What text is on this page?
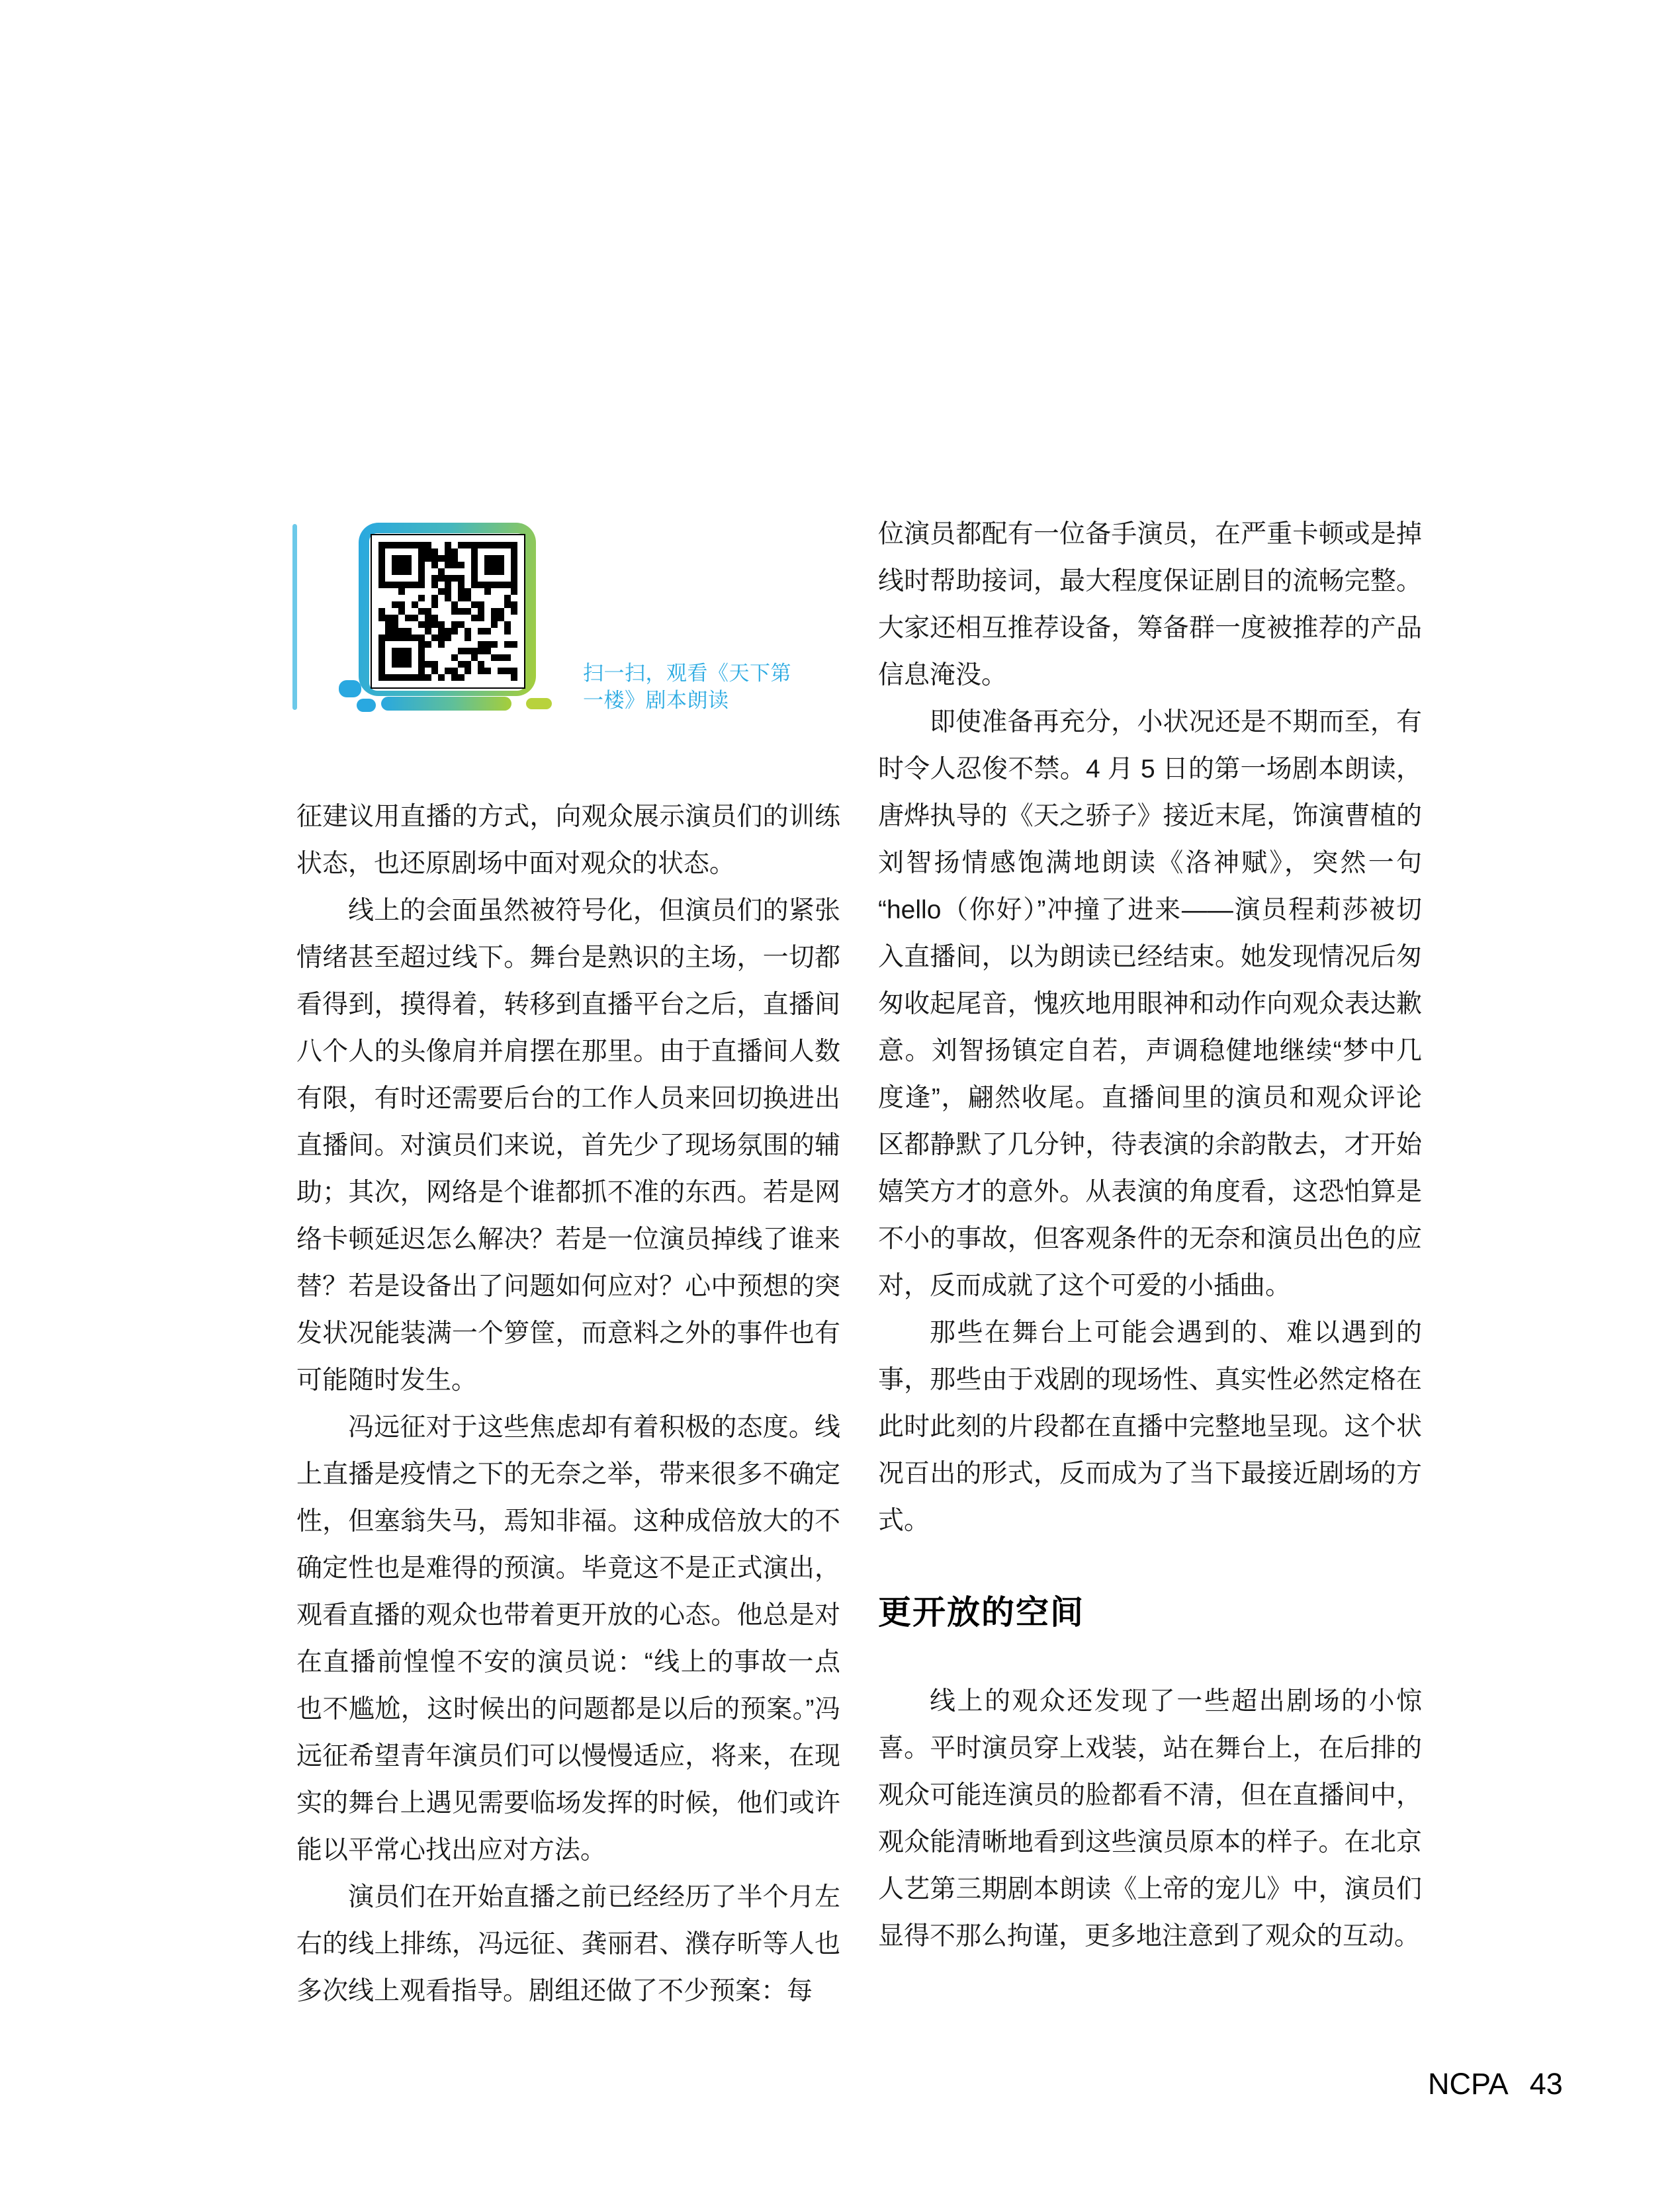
扫一扫，观看《天下第
一楼》剧本朗读

征建议用直播的方式，向观众展示演员们的训练状态，也还原剧场中面对观众的状态。

线上的会面虽然被符号化，但演员们的紧张情绪甚至超过线下。舞台是熟识的主场，一切都看得到，摸得着，转移到直播平台之后，直播间八个人的头像肩并肩摆在那里。由于直播间人数有限，有时还需要后台的工作人员来回切换进出直播间。对演员们来说，首先少了现场氛围的辅助；其次，网络是个谁都抓不准的东西。若是网络卡顿延迟怎么解决？若是一位演员掉线了谁来替？若是设备出了问题如何应对？心中预想的突发状况能装满一个箩筐，而意料之外的事件也有可能随时发生。

冯远征对于这些焦虑却有着积极的态度。线上直播是疫情之下的无奈之举，带来很多不确定性，但塞翁失马，焉知非福。这种成倍放大的不确定性也是难得的预演。毕竟这不是正式演出，观看直播的观众也带着更开放的心态。他总是对在直播前惶惶不安的演员说：“线上的事故一点也不尴尬，这时候出的问题都是以后的预案。”冯远征希望青年演员们可以慢慢适应，将来，在现实的舞台上遇见需要临场发挥的时候，他们或许能以平常心找出应对方法。

演员们在开始直播之前已经经历了半个月左右的线上排练，冯远征、龚丽君、濮存昕等人也多次线上观看指导。剧组还做了不少预案：每

位演员都配有一位备手演员，在严重卡顿或是掉线时帮助接词，最大程度保证剧目的流畅完整。大家还相互推荐设备，筹备群一度被推荐的产品信息淹没。

即使准备再充分，小状况还是不期而至，有时令人忍俊不禁。4 月 5 日的第一场剧本朗读，唐烨执导的《天之骄子》接近末尾，饰演曹植的刘智扬情感饱满地朗读《洛神赋》，突然一句“hello（你好）”冲撞了进来——演员程莉莎被切入直播间，以为朗读已经结束。她发现情况后匆匆收起尾音，愧疚地用眼神和动作向观众表达歉意。刘智扬镇定自若，声调稳健地继续“梦中几度逢”，翩然收尾。直播间里的演员和观众评论区都静默了几分钟，待表演的余韵散去，才开始嬉笑方才的意外。从表演的角度看，这恐怕算是不小的事故，但客观条件的无奈和演员出色的应对，反而成就了这个可爱的小插曲。

那些在舞台上可能会遇到的、难以遇到的事，那些由于戏剧的现场性、真实性必然定格在此时此刻的片段都在直播中完整地呈现。这个状况百出的形式，反而成为了当下最接近剧场的方式。

更开放的空间

线上的观众还发现了一些超出剧场的小惊喜。平时演员穿上戏装，站在舞台上，在后排的观众可能连演员的脸都看不清，但在直播间中，观众能清晰地看到这些演员原本的样子。在北京人艺第三期剧本朗读《上帝的宠儿》中，演员们显得不那么拘谨，更多地注意到了观众的互动。

NCPA 43
